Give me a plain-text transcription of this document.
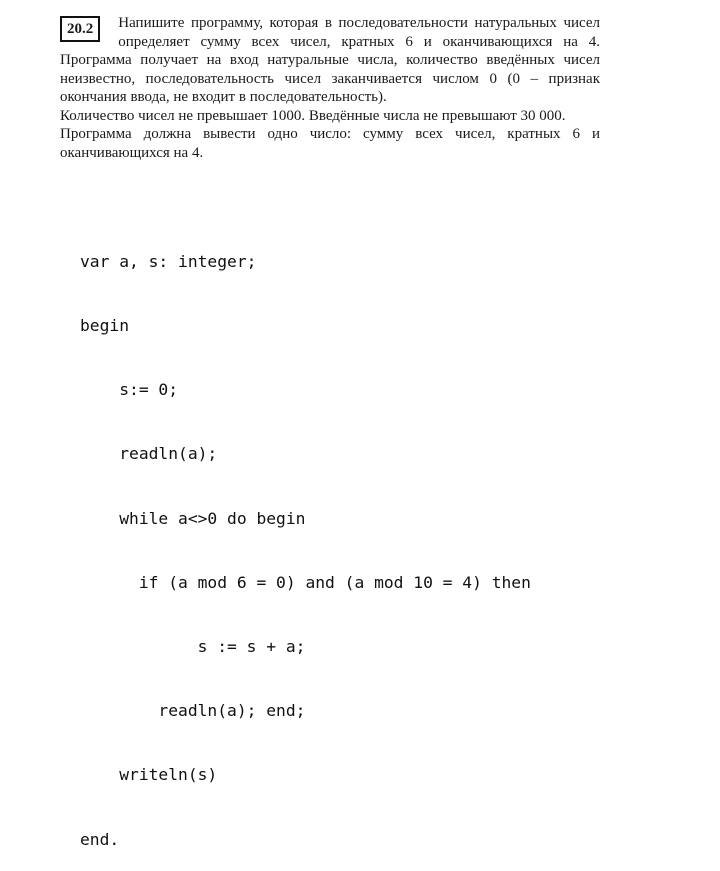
20.2	Напишите программу, которая в последовательности натуральных чисел определяет сумму всех чисел, кратных 6 и оканчивающихся на 4. Программа получает на вход натуральные числа, количество введённых чисел неизвестно, последовательность чисел заканчивается числом 0 (0 – признак окончания ввода, не входит в последовательность).

Количество чисел не превышает 1000. Введённые числа не превышают 30 000.

Программа должна вывести одно число: сумму всех чисел, кратных 6 и оканчивающихся на 4.

var a, s: integer;

begin

s:= 0;

readln(a);

while a<>0 do begin

if (a mod 6 = 0) and (a mod 10 = 4) then

s := s + a;

readln(a); end;

writeln(s)

end.
